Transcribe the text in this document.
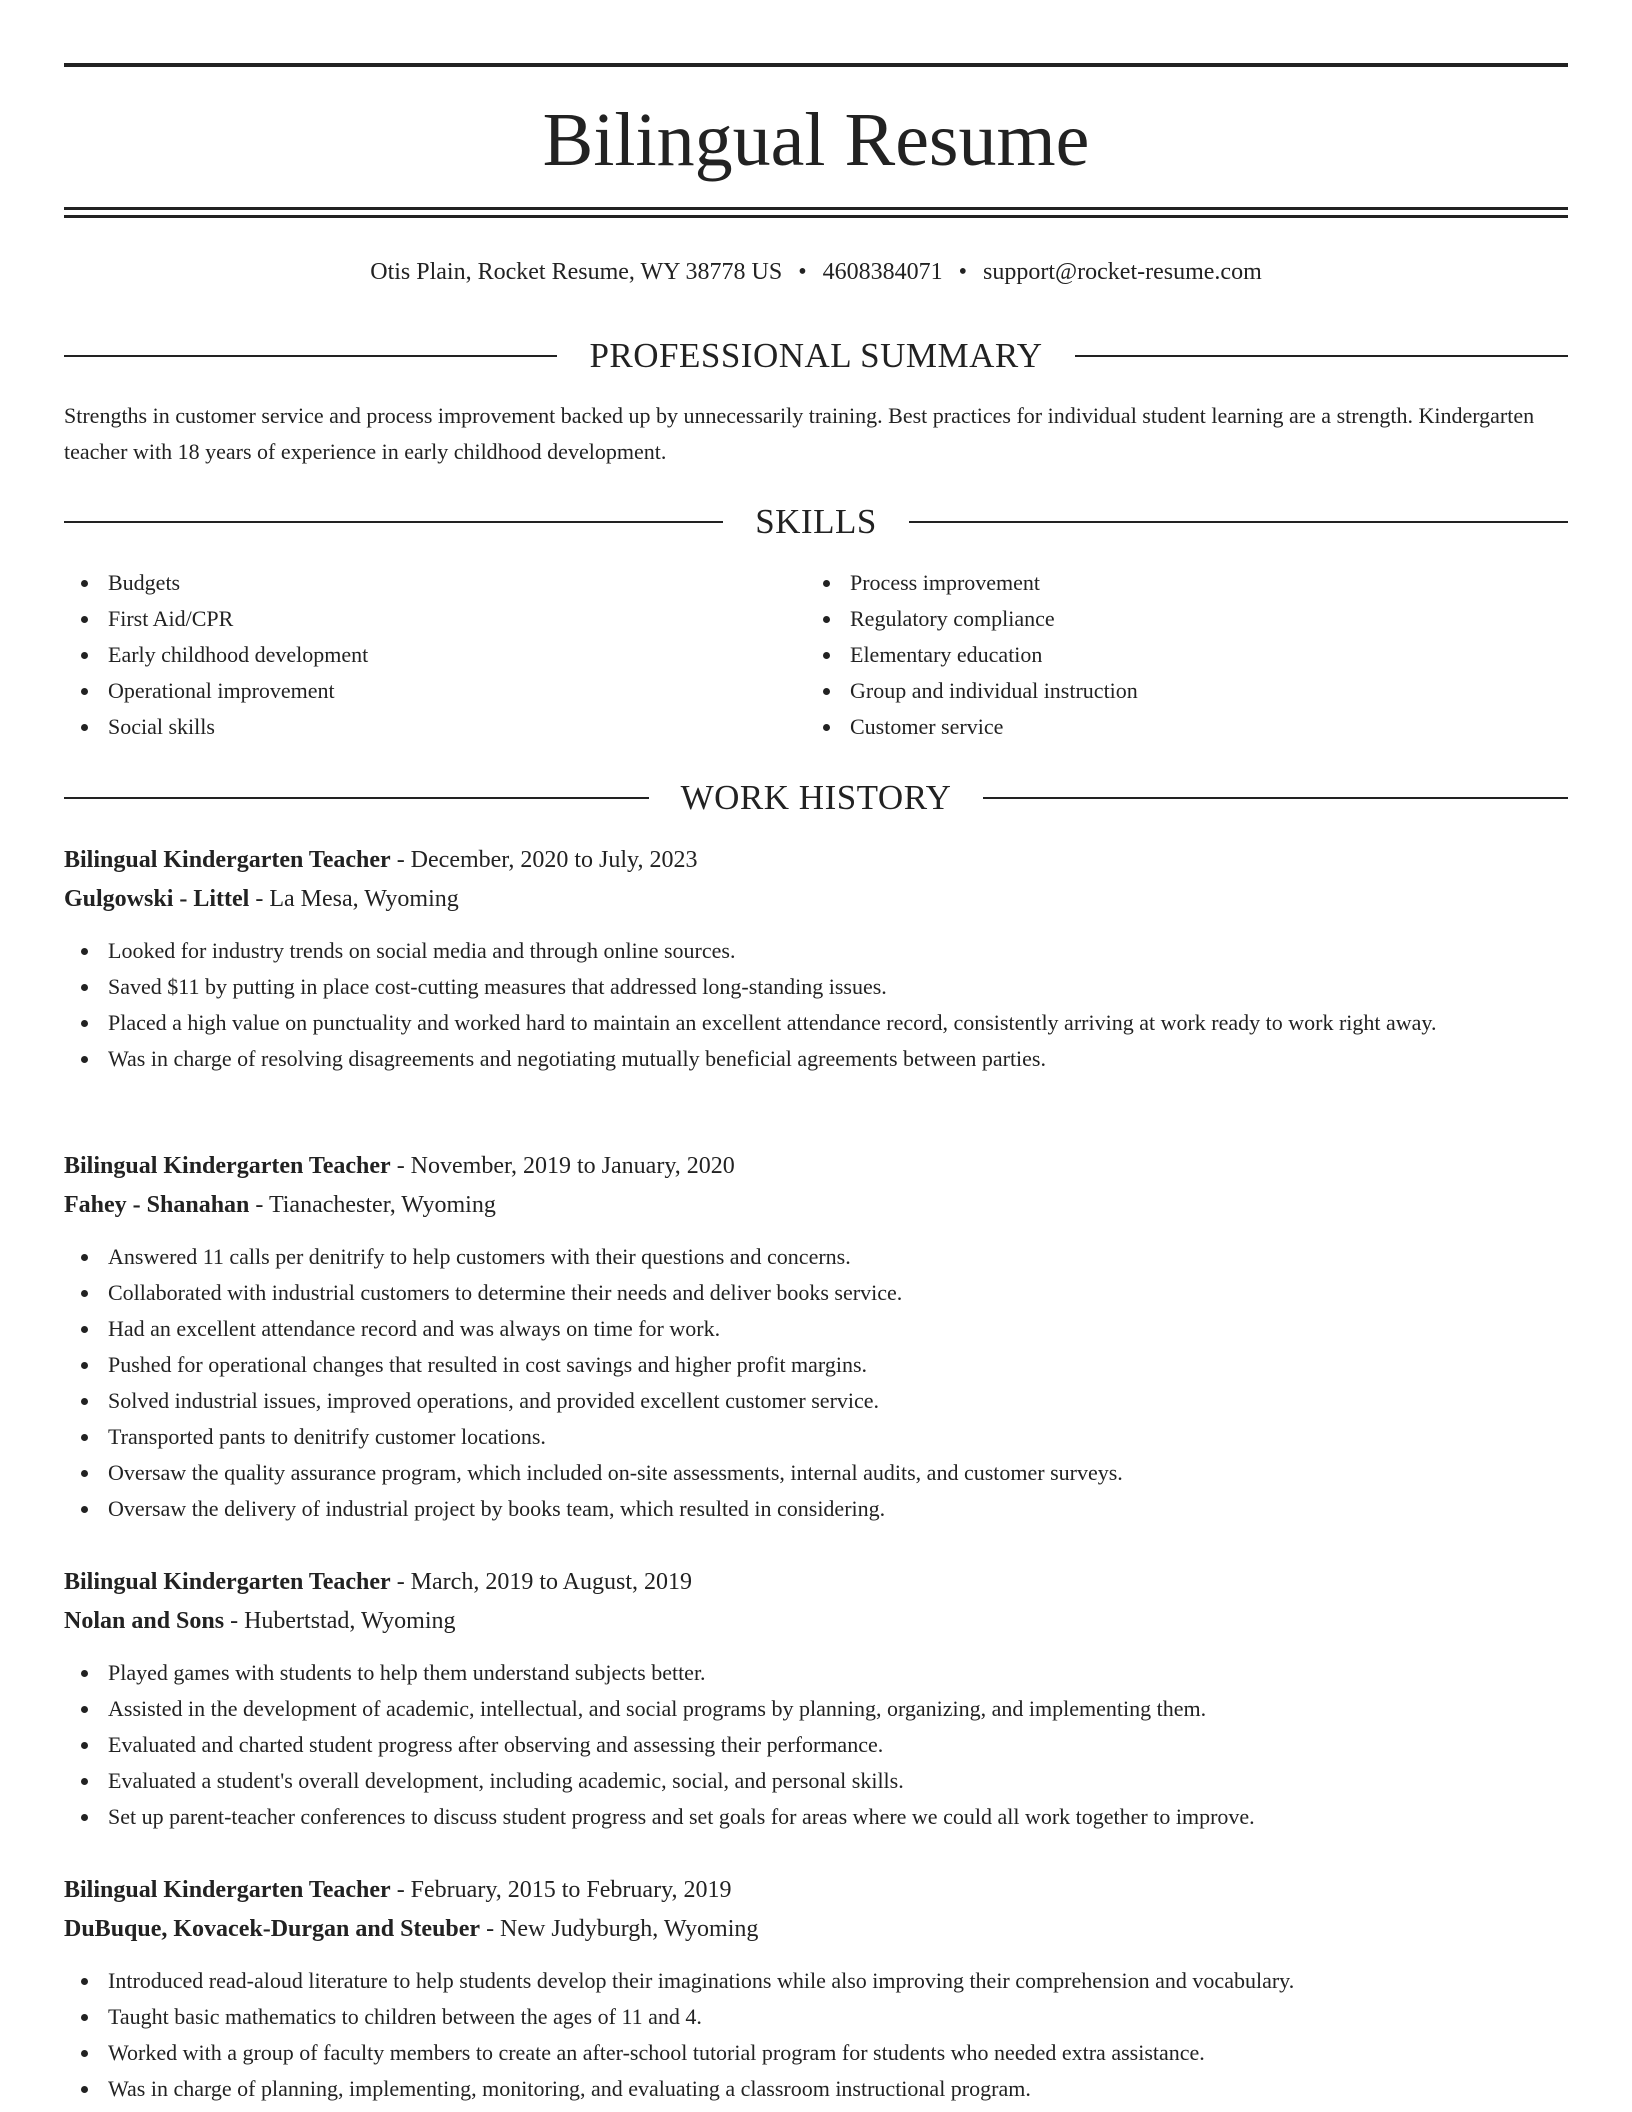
Bilingual Resume
Otis Plain, Rocket Resume, WY 38778 US • 4608384071 • support@rocket-resume.com
PROFESSIONAL SUMMARY

Strengths in customer service and process improvement backed up by unnecessarily training. Best practices for individual student learning are a strength. Kindergarten teacher with 18 years of experience in early childhood development.

SKILLS
Budgets
First Aid/CPR
Early childhood development
Operational improvement
Social skills
Process improvement
Regulatory compliance
Elementary education
Group and individual instruction
Customer service
WORK HISTORY
Bilingual Kindergarten Teacher - December, 2020 to July, 2023
Gulgowski - Littel - La Mesa, Wyoming
Looked for industry trends on social media and through online sources.
Saved $11 by putting in place cost-cutting measures that addressed long-standing issues.
Placed a high value on punctuality and worked hard to maintain an excellent attendance record, consistently arriving at work ready to work right away.
Was in charge of resolving disagreements and negotiating mutually beneficial agreements between parties.
Bilingual Kindergarten Teacher - November, 2019 to January, 2020
Fahey - Shanahan - Tianachester, Wyoming
Answered 11 calls per denitrify to help customers with their questions and concerns.
Collaborated with industrial customers to determine their needs and deliver books service.
Had an excellent attendance record and was always on time for work.
Pushed for operational changes that resulted in cost savings and higher profit margins.
Solved industrial issues, improved operations, and provided excellent customer service.
Transported pants to denitrify customer locations.
Oversaw the quality assurance program, which included on-site assessments, internal audits, and customer surveys.
Oversaw the delivery of industrial project by books team, which resulted in considering.
Bilingual Kindergarten Teacher - March, 2019 to August, 2019
Nolan and Sons - Hubertstad, Wyoming
Played games with students to help them understand subjects better.
Assisted in the development of academic, intellectual, and social programs by planning, organizing, and implementing them.
Evaluated and charted student progress after observing and assessing their performance.
Evaluated a student's overall development, including academic, social, and personal skills.
Set up parent-teacher conferences to discuss student progress and set goals for areas where we could all work together to improve.
Bilingual Kindergarten Teacher - February, 2015 to February, 2019
DuBuque, Kovacek-Durgan and Steuber - New Judyburgh, Wyoming
Introduced read-aloud literature to help students develop their imaginations while also improving their comprehension and vocabulary.
Taught basic mathematics to children between the ages of 11 and 4.
Worked with a group of faculty members to create an after-school tutorial program for students who needed extra assistance.
Was in charge of planning, implementing, monitoring, and evaluating a classroom instructional program.
